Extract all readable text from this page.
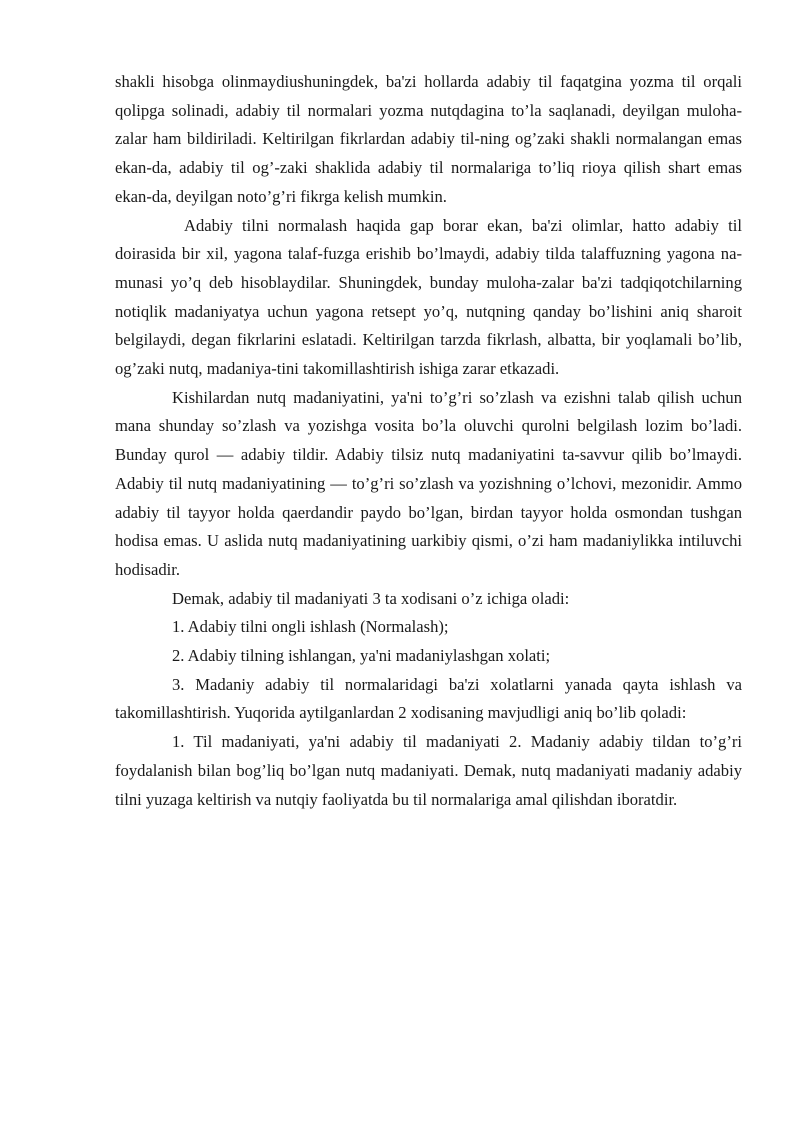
shakli hisobga olinmaydiushuningdek, ba'zi hollarda adabiy til faqatgina yozma til orqali qolipga solinadi, adabiy til normalari yozma nutqdagina to’la saqlanadi, deyilgan muloha-zalar ham bildiriladi. Keltirilgan fikrlardan adabiy til-ning og’zaki shakli normalangan emas ekan-da, adabiy til og’-zaki shaklida adabiy til normalariga to’liq rioya qilish shart emas ekan-da, deyilgan noto’g’ri fikrga kelish mumkin.

Adabiy tilni normalash haqida gap borar ekan, ba'zi olimlar, hatto adabiy til doirasida bir xil, yagona talaf-fuzga erishib bo’lmaydi, adabiy tilda talaffuzning yagona na-munasi yo’q deb hisoblaydilar. Shuningdek, bunday muloha-zalar ba'zi tadqiqotchilarning notiqlik madaniyatya uchun yagona retsept yo’q, nutqning qanday bo’lishini aniq sharoit belgilaydi, degan fikrlarini eslatadi. Keltirilgan tarzda fikrlash, albatta, bir yoqlamali bo’lib, og’zaki nutq, madaniya-tini takomillashtirish ishiga zarar etkazadi.

Kishilardan nutq madaniyatini, ya'ni to’g’ri so’zlash va ezishni talab qilish uchun mana shunday so’zlash va yozishga vosita bo’la oluvchi qurolni belgilash lozim bo’ladi. Bunday qurol — adabiy tildir. Adabiy tilsiz nutq madaniyatini ta-savvur qilib bo’lmaydi. Adabiy til nutq madaniyatining — to’g’ri so’zlash va yozishning o’lchovi, mezonidir. Ammo adabiy til tayyor holda qaerdandir paydo bo’lgan, birdan tayyor holda osmondan tushgan hodisa emas. U aslida nutq madaniyatining uarkibiy qismi, o’zi ham madaniylikka intiluvchi hodisadir.

Demak, adabiy til madaniyati 3 ta xodisani o’z ichiga oladi:

1. Adabiy tilni ongli ishlash (Normalash);

2. Adabiy tilning ishlangan, ya'ni madaniylashgan xolati;

3. Madaniy adabiy til normalaridagi ba'zi xolatlarni yanada qayta ishlash va takomillashtirish. Yuqorida aytilganlardan 2 xodisaning mavjudligi aniq bo’lib qoladi:

1. Til madaniyati, ya'ni adabiy til madaniyati 2. Madaniy adabiy tildan to’g’ri foydalanish bilan bog’liq bo’lgan nutq madaniyati. Demak, nutq madaniyati madaniy adabiy tilni yuzaga keltirish va nutqiy faoliyatda bu til normalariga amal qilishdan iboratdir.
